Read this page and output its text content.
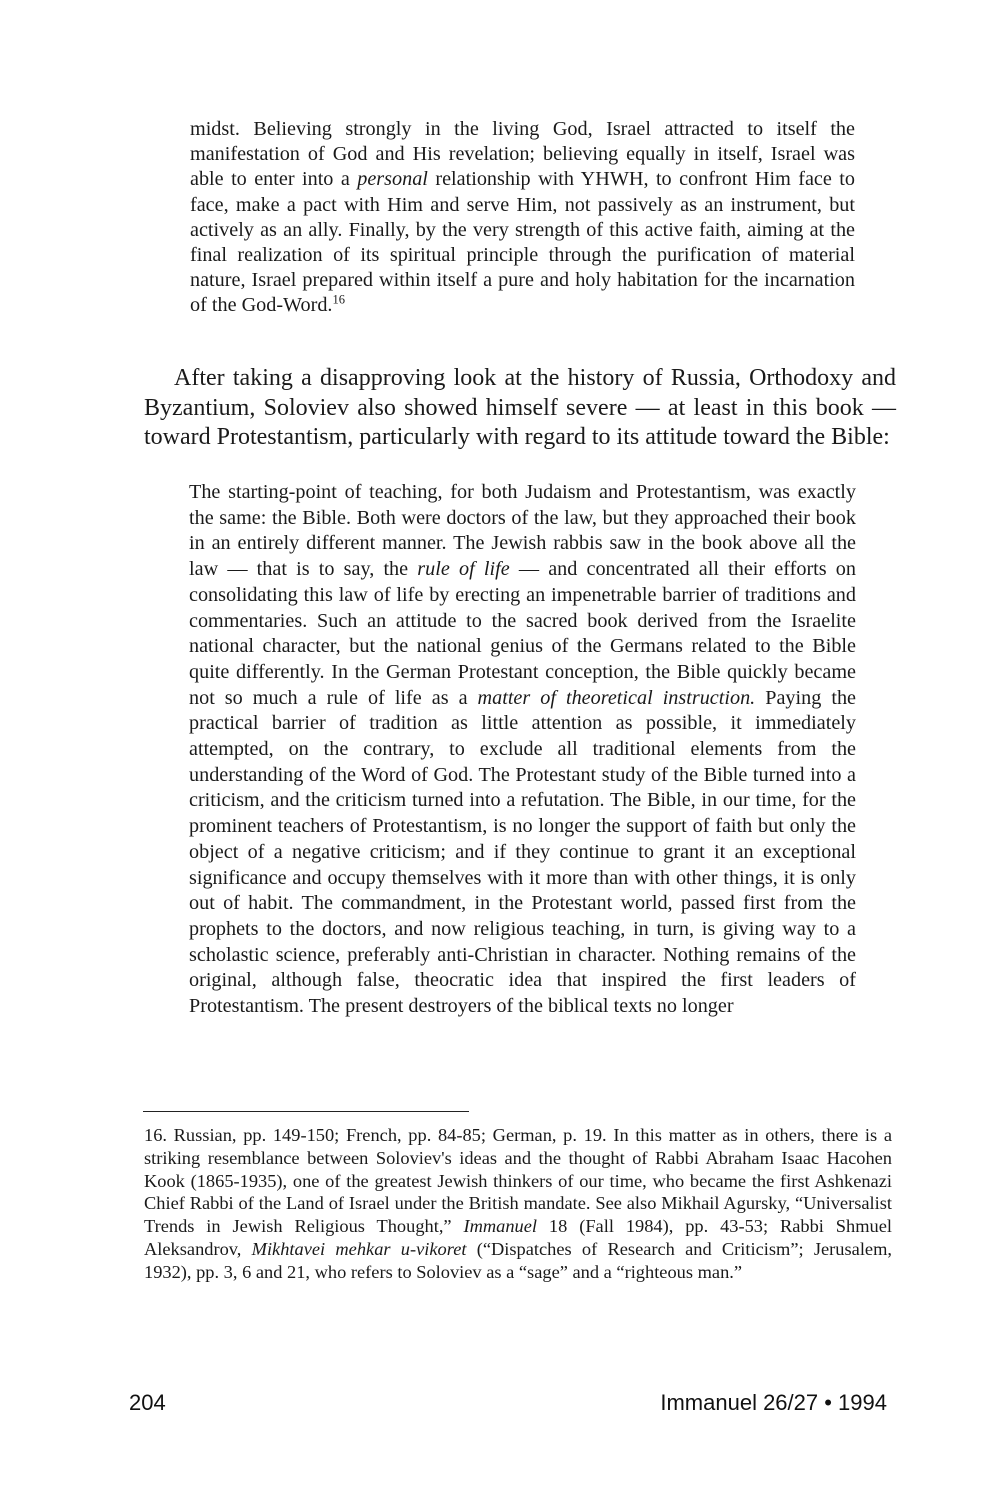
midst. Believing strongly in the living God, Israel attracted to itself the manifestation of God and His revelation; believing equally in itself, Israel was able to enter into a personal relationship with YHWH, to confront Him face to face, make a pact with Him and serve Him, not passively as an instrument, but actively as an ally. Finally, by the very strength of this active faith, aiming at the final realization of its spiritual principle through the purification of material nature, Israel prepared within itself a pure and holy habitation for the incarnation of the God-Word.$^{16}$
After taking a disapproving look at the history of Russia, Orthodoxy and Byzantium, Soloviev also showed himself severe — at least in this book — toward Protestantism, particularly with regard to its attitude toward the Bible:
The starting-point of teaching, for both Judaism and Protestantism, was exactly the same: the Bible. Both were doctors of the law, but they approached their book in an entirely different manner. The Jewish rabbis saw in the book above all the law — that is to say, the rule of life — and concentrated all their efforts on consolidating this law of life by erecting an impenetrable barrier of traditions and commentaries. Such an attitude to the sacred book derived from the Israelite national character, but the national genius of the Germans related to the Bible quite differently. In the German Protestant conception, the Bible quickly became not so much a rule of life as a matter of theoretical instruction. Paying the practical barrier of tradition as little attention as possible, it immediately attempted, on the contrary, to exclude all traditional elements from the understanding of the Word of God. The Protestant study of the Bible turned into a criticism, and the criticism turned into a refutation. The Bible, in our time, for the prominent teachers of Protestantism, is no longer the support of faith but only the object of a negative criticism; and if they continue to grant it an exceptional significance and occupy themselves with it more than with other things, it is only out of habit. The commandment, in the Protestant world, passed first from the prophets to the doctors, and now religious teaching, in turn, is giving way to a scholastic science, preferably anti-Christian in character. Nothing remains of the original, although false, theocratic idea that inspired the first leaders of Protestantism. The present destroyers of the biblical texts no longer
16. Russian, pp. 149-150; French, pp. 84-85; German, p. 19. In this matter as in others, there is a striking resemblance between Soloviev's ideas and the thought of Rabbi Abraham Isaac Hacohen Kook (1865-1935), one of the greatest Jewish thinkers of our time, who became the first Ashkenazi Chief Rabbi of the Land of Israel under the British mandate. See also Mikhail Agursky, “Universalist Trends in Jewish Religious Thought,” Immanuel 18 (Fall 1984), pp. 43-53; Rabbi Shmuel Aleksandrov, Mikhtavei mehkar u-vikoret (“Dispatches of Research and Criticism”; Jerusalem, 1932), pp. 3, 6 and 21, who refers to Soloviev as a “sage” and a “righteous man.”
204	Immanuel 26/27 • 1994
